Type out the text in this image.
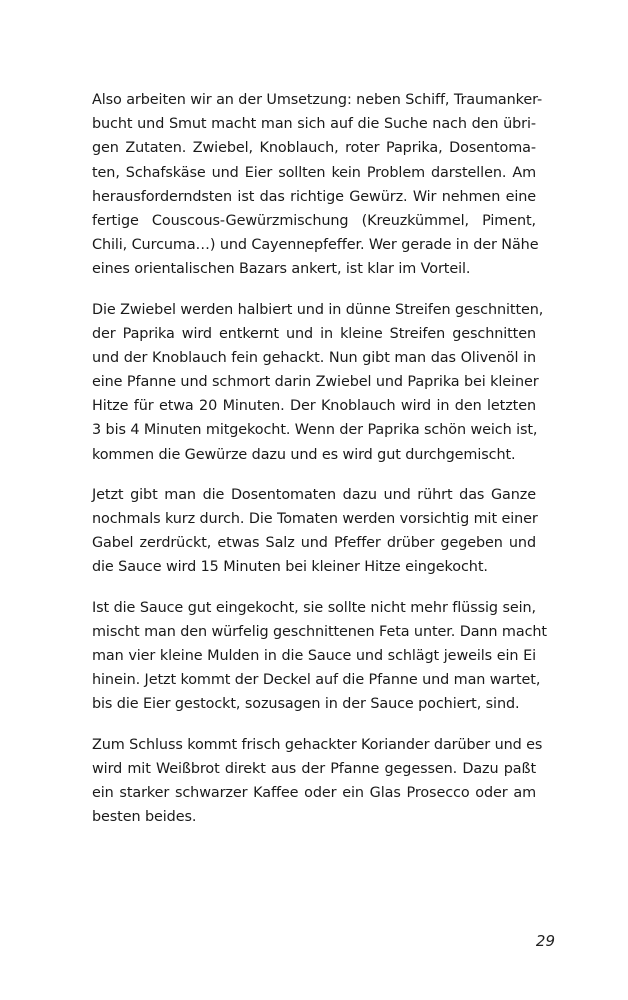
Also arbeiten wir an der Umsetzung: neben Schiff, Traumanker-
bucht und Smut macht man sich auf die Suche nach den übri-
gen Zutaten. Zwiebel, Knoblauch, roter Paprika, Dosentoma-
ten, Schafskäse und Eier sollten kein Problem darstellen. Am
herausforderndsten ist das richtige Gewürz. Wir nehmen eine
fertige Couscous-Gewürzmischung (Kreuzkümmel, Piment,
Chili, Curcuma…) und Cayennepfeffer. Wer gerade in der Nähe
eines orientalischen Bazars ankert, ist klar im Vorteil.
Die Zwiebel werden halbiert und in dünne Streifen geschnitten,
der Paprika wird entkernt und in kleine Streifen geschnitten
und der Knoblauch fein gehackt. Nun gibt man das Olivenöl in
eine Pfanne und schmort darin Zwiebel und Paprika bei kleiner
Hitze für etwa 20 Minuten. Der Knoblauch wird in den letzten
3 bis 4 Minuten mitgekocht. Wenn der Paprika schön weich ist,
kommen die Gewürze dazu und es wird gut durchgemischt.
Jetzt gibt man die Dosentomaten dazu und rührt das Ganze
nochmals kurz durch. Die Tomaten werden vorsichtig mit einer
Gabel zerdrückt, etwas Salz und Pfeffer drüber gegeben und
die Sauce wird 15 Minuten bei kleiner Hitze eingekocht.
Ist die Sauce gut eingekocht, sie sollte nicht mehr flüssig sein,
mischt man den würfelig geschnittenen Feta unter. Dann macht
man vier kleine Mulden in die Sauce und schlägt jeweils ein Ei
hinein. Jetzt kommt der Deckel auf die Pfanne und man wartet,
bis die Eier gestockt, sozusagen in der Sauce pochiert, sind.
Zum Schluss kommt frisch gehackter Koriander darüber und es
wird mit Weißbrot direkt aus der Pfanne gegessen. Dazu paßt
ein starker schwarzer Kaffee oder ein Glas Prosecco oder am
besten beides.
29
